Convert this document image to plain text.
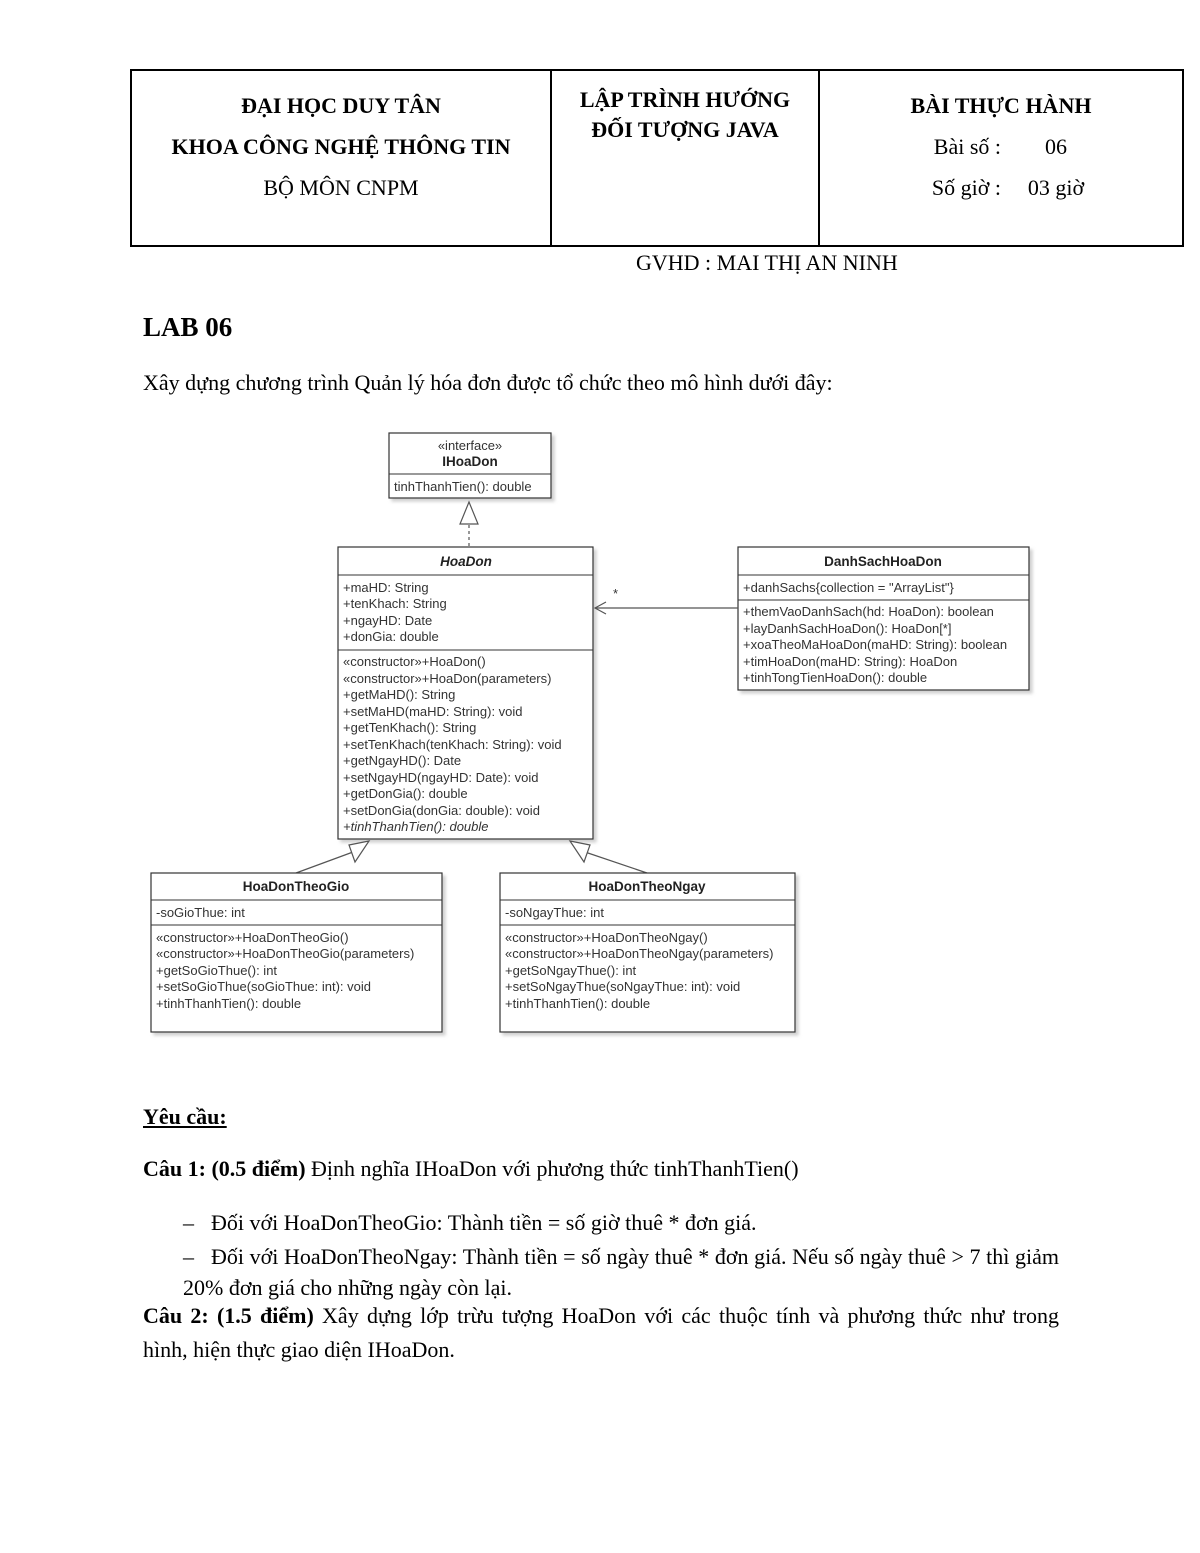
ĐẠI HỌC DUY TÂN
KHOA CÔNG NGHỆ THÔNG TIN
BỘ MÔN CNPM
LẬP TRÌNH HƯỚNG
ĐỐI TƯỢNG JAVA
BÀI THỰC HÀNH
Bài số :	06
Số giờ :	03 giờ
GVHD : MAI THỊ AN NINH
LAB 06
Xây dựng chương trình Quản lý hóa đơn được tổ chức theo mô hình dưới đây:
«interface»
IHoaDon
tinhThanhTien(): double
HoaDon
+maHD: String
+tenKhach: String
+ngayHD: Date
+donGia: double
«constructor»+HoaDon()
«constructor»+HoaDon(parameters)
+getMaHD(): String
+setMaHD(maHD: String): void
+getTenKhach(): String
+setTenKhach(tenKhach: String): void
+getNgayHD(): Date
+setNgayHD(ngayHD: Date): void
+getDonGia(): double
+setDonGia(donGia: double): void
+tinhThanhTien(): double
DanhSachHoaDon
+danhSachs{collection = "ArrayList"}
+themVaoDanhSach(hd: HoaDon): boolean
+layDanhSachHoaDon(): HoaDon[*]
+xoaTheoMaHoaDon(maHD: String): boolean
+timHoaDon(maHD: String): HoaDon
+tinhTongTienHoaDon(): double
*
HoaDonTheoGio
-soGioThue: int
«constructor»+HoaDonTheoGio()
«constructor»+HoaDonTheoGio(parameters)
+getSoGioThue(): int
+setSoGioThue(soGioThue: int): void
+tinhThanhTien(): double
HoaDonTheoNgay
-soNgayThue: int
«constructor»+HoaDonTheoNgay()
«constructor»+HoaDonTheoNgay(parameters)
+getSoNgayThue(): int
+setSoNgayThue(soNgayThue: int): void
+tinhThanhTien(): double
Yêu cầu:
Câu 1: (0.5 điểm) Định nghĩa IHoaDon với phương thức tinhThanhTien()
– Đối với HoaDonTheoGio: Thành tiền = số giờ thuê * đơn giá.
– Đối với HoaDonTheoNgay: Thành tiền = số ngày thuê * đơn giá. Nếu số ngày thuê > 7 thì giảm 20% đơn giá cho những ngày còn lại.
Câu 2: (1.5 điểm) Xây dựng lớp trừu tượng HoaDon với các thuộc tính và phương thức như trong hình, hiện thực giao diện IHoaDon.
